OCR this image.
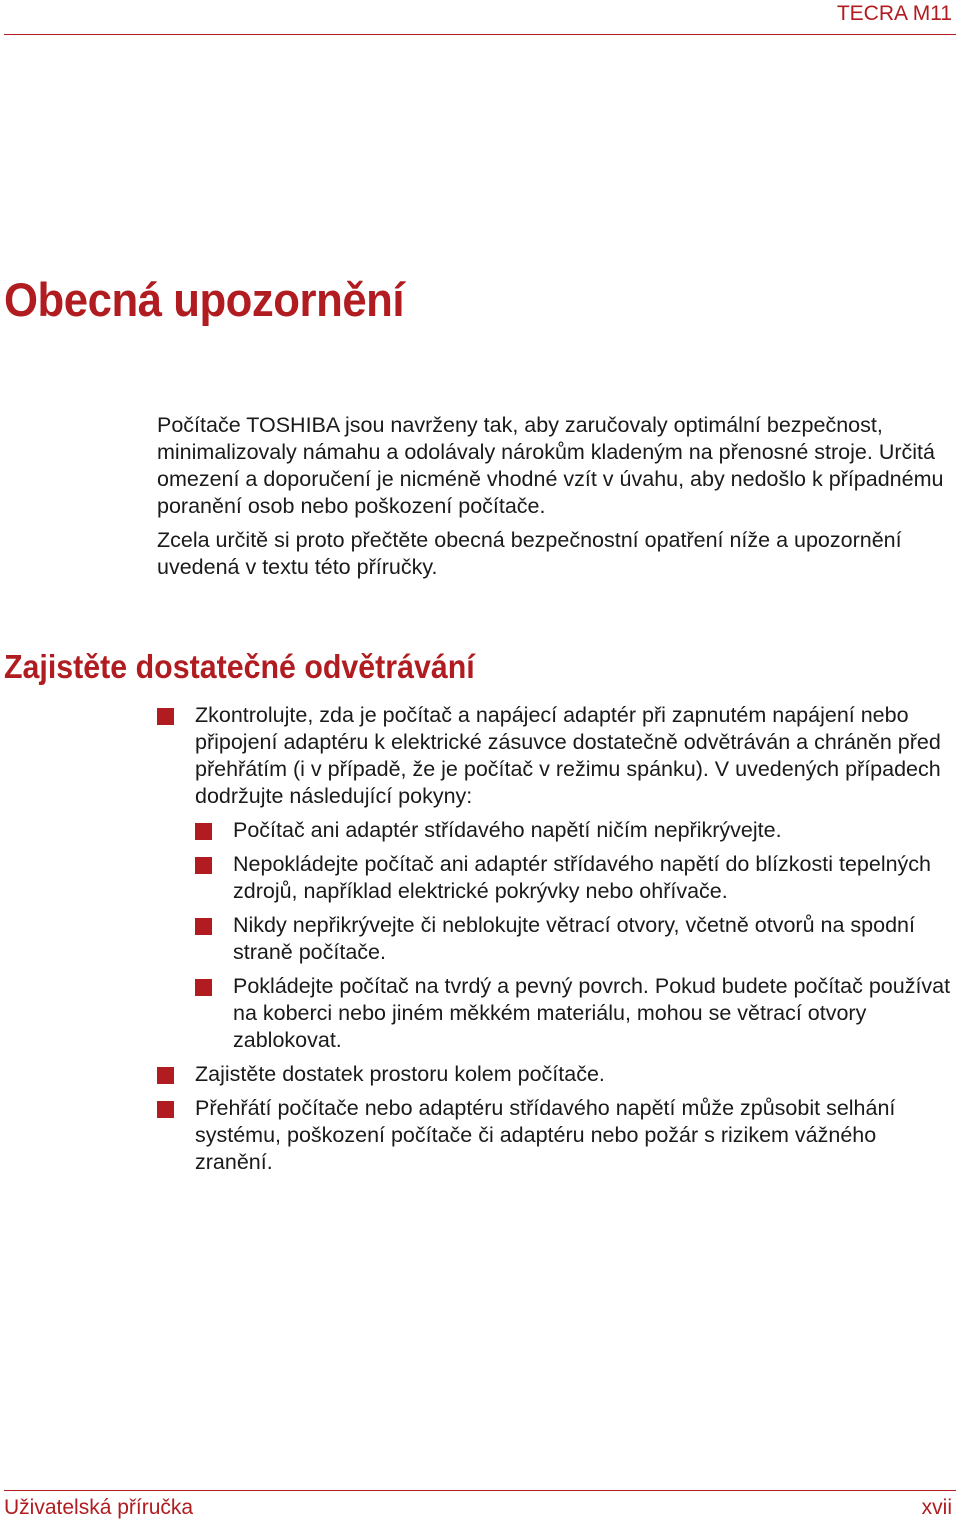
TECRA M11
Obecná upozornění

Počítače TOSHIBA jsou navrženy tak, aby zaručovaly optimální bezpečnost, minimalizovaly námahu a odolávaly nárokům kladeným na přenosné stroje. Určitá omezení a doporučení je nicméně vhodné vzít v úvahu, aby nedošlo k případnému poranění osob nebo poškození počítače.

Zcela určitě si proto přečtěte obecná bezpečnostní opatření níže a upozornění uvedená v textu této příručky.

Zajistěte dostatečné odvětrávání
Zkontrolujte, zda je počítač a napájecí adaptér při zapnutém napájení nebo připojení adaptéru k elektrické zásuvce dostatečně odvětráván a chráněn před přehřátím (i v případě, že je počítač v režimu spánku). V uvedených případech dodržujte následující pokyny:
Počítač ani adaptér střídavého napětí ničím nepřikrývejte.
Nepokládejte počítač ani adaptér střídavého napětí do blízkosti tepelných zdrojů, například elektrické pokrývky nebo ohřívače.
Nikdy nepřikrývejte či neblokujte větrací otvory, včetně otvorů na spodní straně počítače.
Pokládejte počítač na tvrdý a pevný povrch. Pokud budete počítač používat na koberci nebo jiném měkkém materiálu, mohou se větrací otvory zablokovat.
Zajistěte dostatek prostoru kolem počítače.
Přehřátí počítače nebo adaptéru střídavého napětí může způsobit selhání systému, poškození počítače či adaptéru nebo požár s rizikem vážného zranění.
Uživatelská příručka	xvii
